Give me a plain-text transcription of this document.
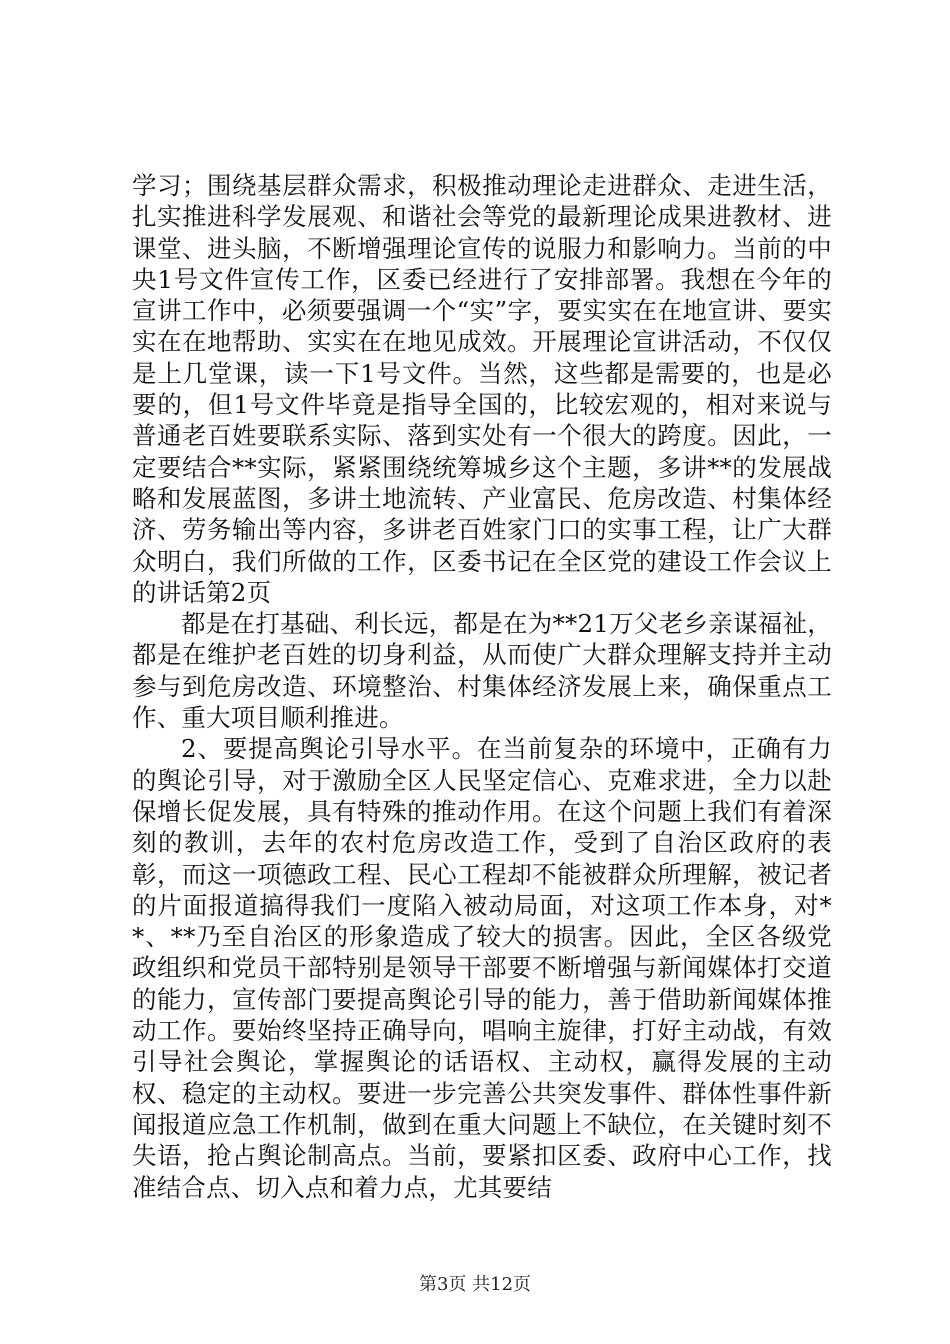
学习；围绕基层群众需求，积极推动理论走进群众、走进生活，扎实推进科学发展观、和谐社会等党的最新理论成果进教材、进课堂、进头脑，不断增强理论宣传的说服力和影响力。当前的中央1号文件宣传工作，区委已经进行了安排部署。我想在今年的宣讲工作中，必须要强调一个“实”字，要实实在在地宣讲、要实实在在地帮助、实实在在地见成效。开展理论宣讲活动，不仅仅是上几堂课，读一下1号文件。当然，这些都是需要的，也是必要的，但1号文件毕竟是指导全国的，比较宏观的，相对来说与普通老百姓要联系实际、落到实处有一个很大的跨度。因此，一定要结合**实际，紧紧围绕统筹城乡这个主题，多讲**的发展战略和发展蓝图，多讲土地流转、产业富民、危房改造、村集体经济、劳务输出等内容，多讲老百姓家门口的实事工程，让广大群众明白，我们所做的工作，区委书记在全区党的建设工作会议上的讲话第2页

都是在打基础、利长远，都是在为**21万父老乡亲谋福祉，都是在维护老百姓的切身利益，从而使广大群众理解支持并主动参与到危房改造、环境整治、村集体经济发展上来，确保重点工作、重大项目顺利推进。

2、要提高舆论引导水平。在当前复杂的环境中，正确有力的舆论引导，对于激励全区人民坚定信心、克难求进，全力以赴保增长促发展，具有特殊的推动作用。在这个问题上我们有着深刻的教训，去年的农村危房改造工作，受到了自治区政府的表彰，而这一项德政工程、民心工程却不能被群众所理解，被记者的片面报道搞得我们一度陷入被动局面，对这项工作本身，对**、**乃至自治区的形象造成了较大的损害。因此，全区各级党政组织和党员干部特别是领导干部要不断增强与新闻媒体打交道的能力，宣传部门要提高舆论引导的能力，善于借助新闻媒体推动工作。要始终坚持正确导向，唱响主旋律，打好主动战，有效引导社会舆论，掌握舆论的话语权、主动权，赢得发展的主动权、稳定的主动权。要进一步完善公共突发事件、群体性事件新闻报道应急工作机制，做到在重大问题上不缺位，在关键时刻不失语，抢占舆论制高点。当前，要紧扣区委、政府中心工作，找准结合点、切入点和着力点，尤其要结

第3页 共12页
